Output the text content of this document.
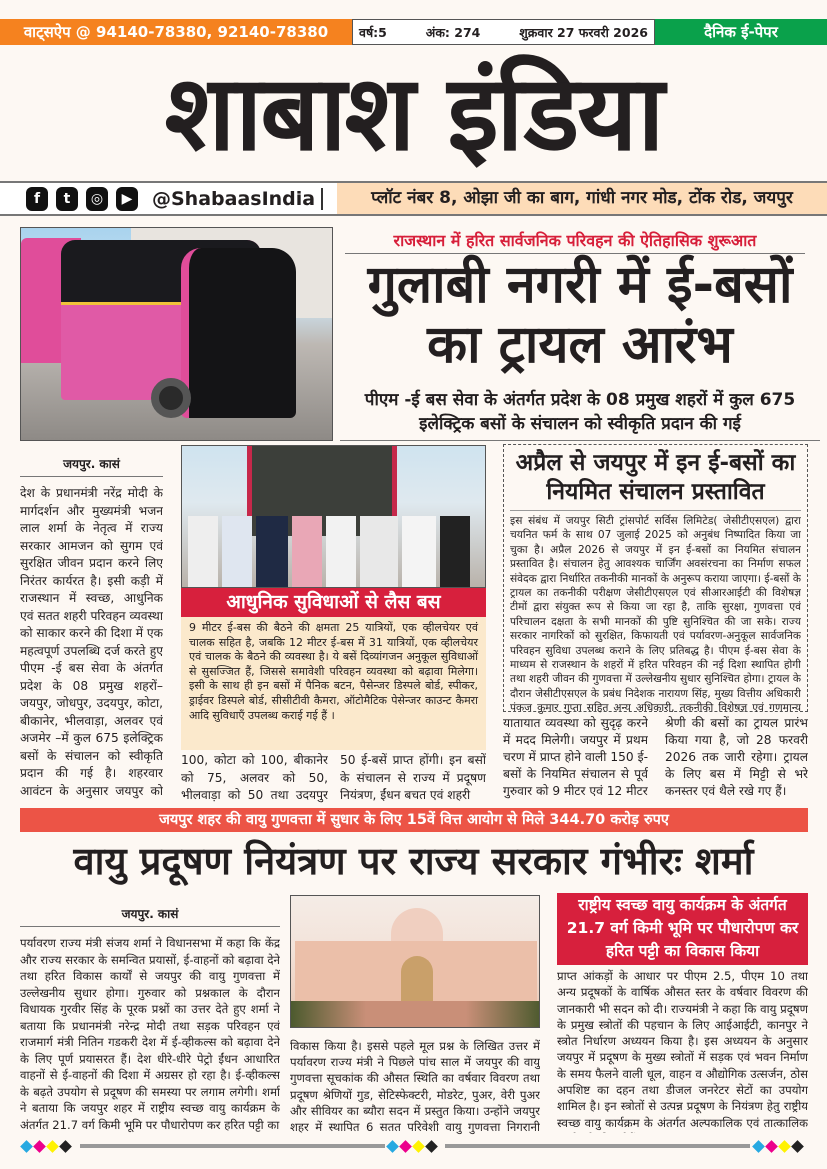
वाट्सऐप @ 94140-78380, 92140-78380	वर्ष:5	अंक: 274	शुक्रवार 27 फरवरी 2026	दैनिक ई-पेपर
शाबाश इंडिया
f	t	◎	▶ @ShabaasIndia	प्लॉट नंबर 8, ओझा जी का बाग, गांधी नगर मोड, टोंक रोड, जयपुर
राजस्थान में हरित सार्वजनिक परिवहन की ऐतिहासिक शुरूआत
गुलाबी नगरी में ई-बसों का ट्रायल आरंभ
पीएम -ई बस सेवा के अंतर्गत प्रदेश के 08 प्रमुख शहरों में कुल 675 इलेक्ट्रिक बसों के संचालन को स्वीकृति प्रदान की गई
जयपुर. कासं
देश के प्रधानमंत्री नरेंद्र मोदी के मार्गदर्शन और मुख्यमंत्री भजन लाल शर्मा के नेतृत्व में राज्य सरकार आमजन को सुगम एवं सुरक्षित जीवन प्रदान करने लिए निरंतर कार्यरत है। इसी कड़ी में राजस्थान में स्वच्छ, आधुनिक एवं सतत शहरी परिवहन व्यवस्था को साकार करने की दिशा में एक महत्वपूर्ण उपलब्धि दर्ज करते हुए पीएम -ई बस सेवा के अंतर्गत प्रदेश के 08 प्रमुख शहरों– जयपुर, जोधपुर, उदयपुर, कोटा, बीकानेर, भीलवाड़ा, अलवर एवं अजमेर –में कुल 675 इलेक्ट्रिक बसों के संचालन को स्वीकृति प्रदान की गई है। शहरवार आवंटन के अनुसार जयपुर को
आधुनिक सुविधाओं से लैस बस
9 मीटर ई-बस की बैठने की क्षमता 25 यात्रियों, एक व्हीलचेयर एवं चालक सहित है, जबकि 12 मीटर ई-बस में 31 यात्रियों, एक व्हीलचेयर एवं चालक के बैठने की व्यवस्था है। ये बसें दिव्यांगजन अनुकूल सुविधाओं से सुसज्जित हैं, जिससे समावेशी परिवहन व्यवस्था को बढ़ावा मिलेगा। इसी के साथ ही इन बसों में पैनिक बटन, पैसेन्जर डिस्पले बोर्ड, स्पीकर, ड्राईवर डिस्पले बोर्ड, सीसीटीवी कैमरा, ऑटोमैटिक पेसेन्जर काउन्ट कैमरा आदि सुविधाएँ उपलब्ध कराई गई हैं ।
100, कोटा को 100, बीकानेर को 75, अलवर को 50, भीलवाड़ा को 50 तथा उदयपुर
50 ई-बसें प्राप्त होंगी। इन बसों के संचालन से राज्य में प्रदूषण नियंत्रण, ईंधन बचत एवं शहरी
अप्रैल से जयपुर में इन ई-बसों का नियमित संचालन प्रस्तावित
इस संबंध में जयपुर सिटी ट्रांसपोर्ट सर्विस लिमिटेड( जेसीटीएसएल) द्वारा चयनित फर्म के साथ 07 जुलाई 2025 को अनुबंध निष्पादित किया जा चुका है। अप्रैल 2026 से जयपुर में इन ई-बसों का नियमित संचालन प्रस्तावित है। संचालन हेतु आवश्यक चार्जिंग अवसंरचना का निर्माण सफल संवेदक द्वारा निर्धारित तकनीकी मानकों के अनुरूप कराया जाएगा। ई-बसों के ट्रायल का तकनीकी परीक्षण जेसीटीएसएल एवं सीआरआईटी की विशेषज्ञ टीमों द्वारा संयुक्त रूप से किया जा रहा है, ताकि सुरक्षा, गुणवत्ता एवं परिचालन दक्षता के सभी मानकों की पुष्टि सुनिश्चित की जा सके। राज्य सरकार नागरिकों को सुरक्षित, किफायती एवं पर्यावरण-अनुकूल सार्वजनिक परिवहन सुविधा उपलब्ध कराने के लिए प्रतिबद्ध है। पीएम ई-बस सेवा के माध्यम से राजस्थान के शहरों में हरित परिवहन की नई दिशा स्थापित होगी तथा शहरी जीवन की गुणवत्ता में उल्लेखनीय सुधार सुनिश्चित होगा। ट्रायल के दौरान जेसीटीएसएल के प्रबंध निदेशक नारायण सिंह, मुख्य वित्तीय अधिकारी पंकज कुमार गुप्ता सहित अन्य अधिकारी, तकनीकी विशेषज्ञ एवं गणमान्य
यातायात व्यवस्था को सुदृढ़ करने में मदद मिलेगी। जयपुर में प्रथम चरण में प्राप्त होने वाली 150 ई-बसों के नियमित संचालन से पूर्व गुरुवार को 9 मीटर एवं 12 मीटर
श्रेणी की बसों का ट्रायल प्रारंभ किया गया है, जो 28 फरवरी 2026 तक जारी रहेगा। ट्रायल के लिए बस में मिट्टी से भरे कनस्तर एवं थैले रखे गए हैं।
जयपुर शहर की वायु गुणवत्ता में सुधार के लिए 15वें वित्त आयोग से मिले 344.70 करोड़ रुपए
वायु प्रदूषण नियंत्रण पर राज्य सरकार गंभीरः शर्मा
जयपुर. कासं
पर्यावरण राज्य मंत्री संजय शर्मा ने विधानसभा में कहा कि केंद्र और राज्य सरकार के समन्वित प्रयासों, ई-वाहनों को बढ़ावा देने तथा हरित विकास कार्यों से जयपुर की वायु गुणवत्ता में उल्लेखनीय सुधार होगा। गुरुवार को प्रश्नकाल के दौरान विधायक गुरवीर सिंह के पूरक प्रश्नों का उत्तर देते हुए शर्मा ने बताया कि प्रधानमंत्री नरेन्द्र मोदी तथा सड़क परिवहन एवं राजमार्ग मंत्री नितिन गडकरी देश में ई-व्हीकल्स को बढ़ावा देने के लिए पूर्ण प्रयासरत हैं। देश धीरे-धीरे पेट्रो ईंधन आधारित वाहनों से ई-वाहनों की दिशा में अग्रसर हो रहा है। ई-व्हीकल्स के बढ़ते उपयोग से प्रदूषण की समस्या पर लगाम लगेगी। शर्मा ने बताया कि जयपुर शहर में राष्ट्रीय स्वच्छ वायु कार्यक्रम के अंतर्गत 21.7 वर्ग किमी भूमि पर पौधारोपण कर हरित पट्टी का
विकास किया है। इससे पहले मूल प्रश्न के लिखित उत्तर में पर्यावरण राज्य मंत्री ने पिछले पांच साल में जयपुर की वायु गुणवत्ता सूचकांक की औसत स्थिति का वर्षवार विवरण तथा प्रदूषण श्रेणियों गुड, सेटिस्फेक्टरी, मोडरेट, पुअर, वेरी पुअर और सीवियर का ब्यौरा सदन में प्रस्तुत किया। उन्होंने जयपुर शहर में स्थापित 6 सतत परिवेशी वायु गुणवत्ता निगरानी
राष्ट्रीय स्वच्छ वायु कार्यक्रम के अंतर्गत 21.7 वर्ग किमी भूमि पर पौधारोपण कर हरित पट्टी का विकास किया
प्राप्त आंकड़ों के आधार पर पीएम 2.5, पीएम 10 तथा अन्य प्रदूषकों के वार्षिक औसत स्तर के वर्षवार विवरण की जानकारी भी सदन को दी। राज्यमंत्री ने कहा कि वायु प्रदूषण के प्रमुख स्त्रोतों की पहचान के लिए आईआईटी, कानपुर ने स्त्रोत निर्धारण अध्ययन किया है। इस अध्ययन के अनुसार जयपुर में प्रदूषण के मुख्य स्त्रोतों में सड़क एवं भवन निर्माण के समय फैलने वाली धूल, वाहन व औद्योगिक उत्सर्जन, ठोस अपशिष्ट का दहन तथा डीजल जनरेटर सेटों का उपयोग शामिल है। इन स्त्रोतों से उत्पन्न प्रदूषण के नियंत्रण हेतु राष्ट्रीय स्वच्छ वायु कार्यक्रम के अंतर्गत अल्पकालिक एवं तात्कालिक
